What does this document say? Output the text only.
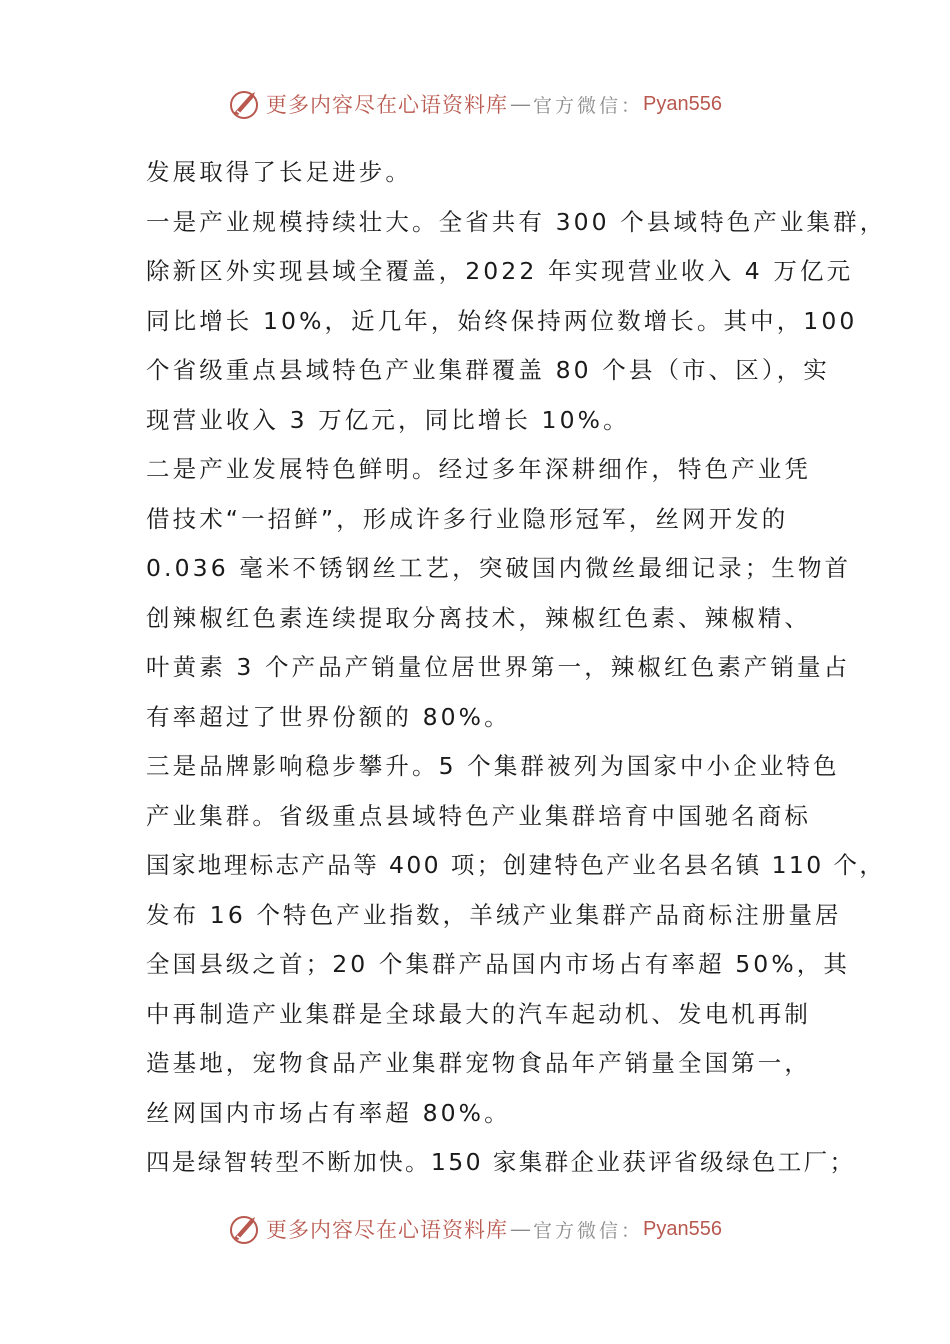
更多内容尽在心语资料库 — 官方微信： Pyan556
发展取得了长足进步。
一是产业规模持续壮大。全省共有 300 个县域特色产业集群，
除新区外实现县域全覆盖，2022 年实现营业收入 4 万亿元
同比增长 10%，近几年，始终保持两位数增长。其中，100
个省级重点县域特色产业集群覆盖 80 个县（市、区），实
现营业收入 3 万亿元，同比增长 10%。
二是产业发展特色鲜明。经过多年深耕细作，特色产业凭
借技术“一招鲜”，形成许多行业隐形冠军，丝网开发的
0.036 毫米不锈钢丝工艺，突破国内微丝最细记录；生物首
创辣椒红色素连续提取分离技术，辣椒红色素、辣椒精、
叶黄素 3 个产品产销量位居世界第一，辣椒红色素产销量占
有率超过了世界份额的 80%。
三是品牌影响稳步攀升。5 个集群被列为国家中小企业特色
产业集群。省级重点县域特色产业集群培育中国驰名商标
国家地理标志产品等 400 项；创建特色产业名县名镇 110 个，
发布 16 个特色产业指数，羊绒产业集群产品商标注册量居
全国县级之首；20 个集群产品国内市场占有率超 50%，其
中再制造产业集群是全球最大的汽车起动机、发电机再制
造基地，宠物食品产业集群宠物食品年产销量全国第一，
丝网国内市场占有率超 80%。
四是绿智转型不断加快。150 家集群企业获评省级绿色工厂；
更多内容尽在心语资料库 — 官方微信： Pyan556
